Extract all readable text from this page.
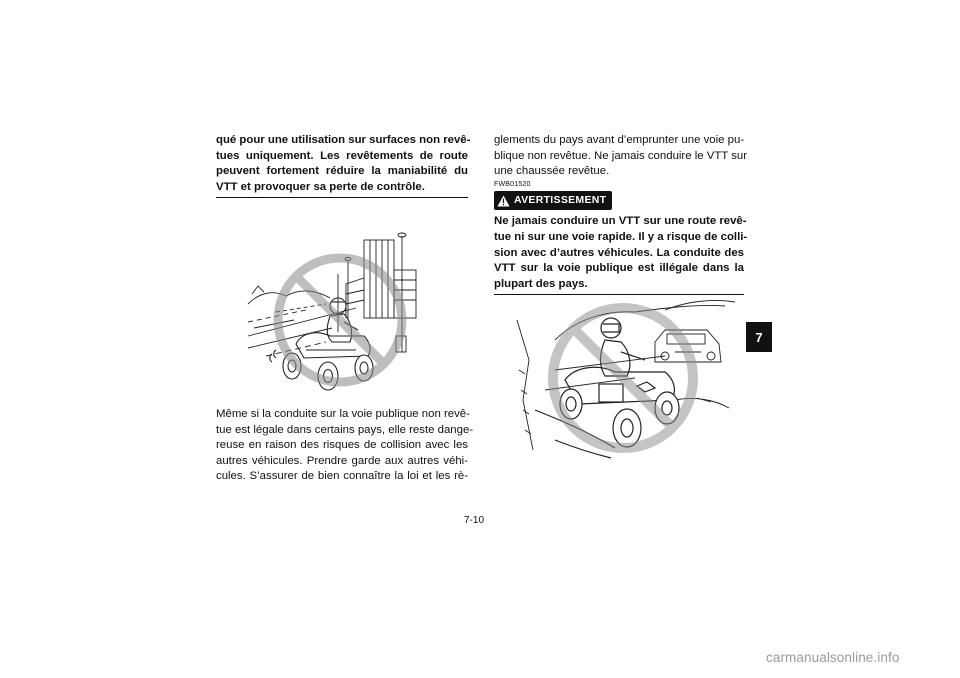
qué pour une utilisation sur surfaces non revê-
tues uniquement. Les revêtements de route
peuvent fortement réduire la maniabilité du
VTT et provoquer sa perte de contrôle.
Même si la conduite sur la voie publique non revê-
tue est légale dans certains pays, elle reste dange-
reuse en raison des risques de collision avec les
autres véhicules. Prendre garde aux autres véhi-
cules. S’assurer de bien connaître la loi et les rè-
glements du pays avant d’emprunter une voie pu-
blique non revêtue. Ne jamais conduire le VTT sur
une chaussée revêtue.
FWB01520
AVERTISSEMENT
Ne jamais conduire un VTT sur une route revê-
tue ni sur une voie rapide. Il y a risque de colli-
sion avec d’autres véhicules. La conduite des
VTT sur la voie publique est illégale dans la
plupart des pays.
7
7-10
carmanualsonline.info
